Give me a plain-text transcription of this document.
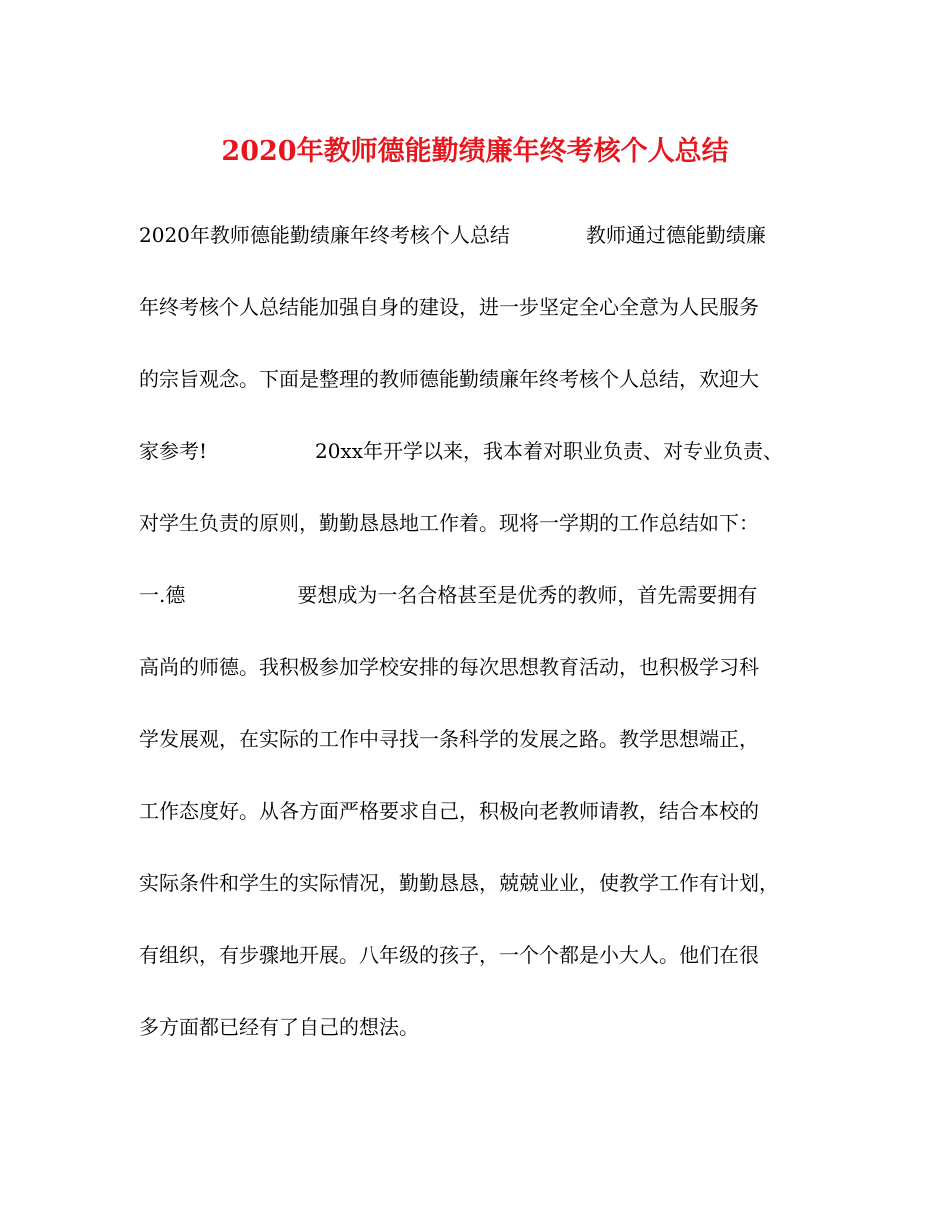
2020年教师德能勤绩廉年终考核个人总结
2020年教师德能勤绩廉年终考核个人总结	教师通过德能勤绩廉
年终考核个人总结能加强自身的建设，进一步坚定全心全意为人民服务
的宗旨观念。下面是整理的教师德能勤绩廉年终考核个人总结，欢迎大
家参考!	20xx年开学以来，我本着对职业负责、对专业负责、
对学生负责的原则，勤勤恳恳地工作着。现将一学期的工作总结如下：
一.德	要想成为一名合格甚至是优秀的教师，首先需要拥有
高尚的师德。我积极参加学校安排的每次思想教育活动，也积极学习科
学发展观，在实际的工作中寻找一条科学的发展之路。教学思想端正，
工作态度好。从各方面严格要求自己，积极向老教师请教，结合本校的
实际条件和学生的实际情况，勤勤恳恳，兢兢业业，使教学工作有计划，
有组织，有步骤地开展。八年级的孩子，一个个都是小大人。他们在很
多方面都已经有了自己的想法。
